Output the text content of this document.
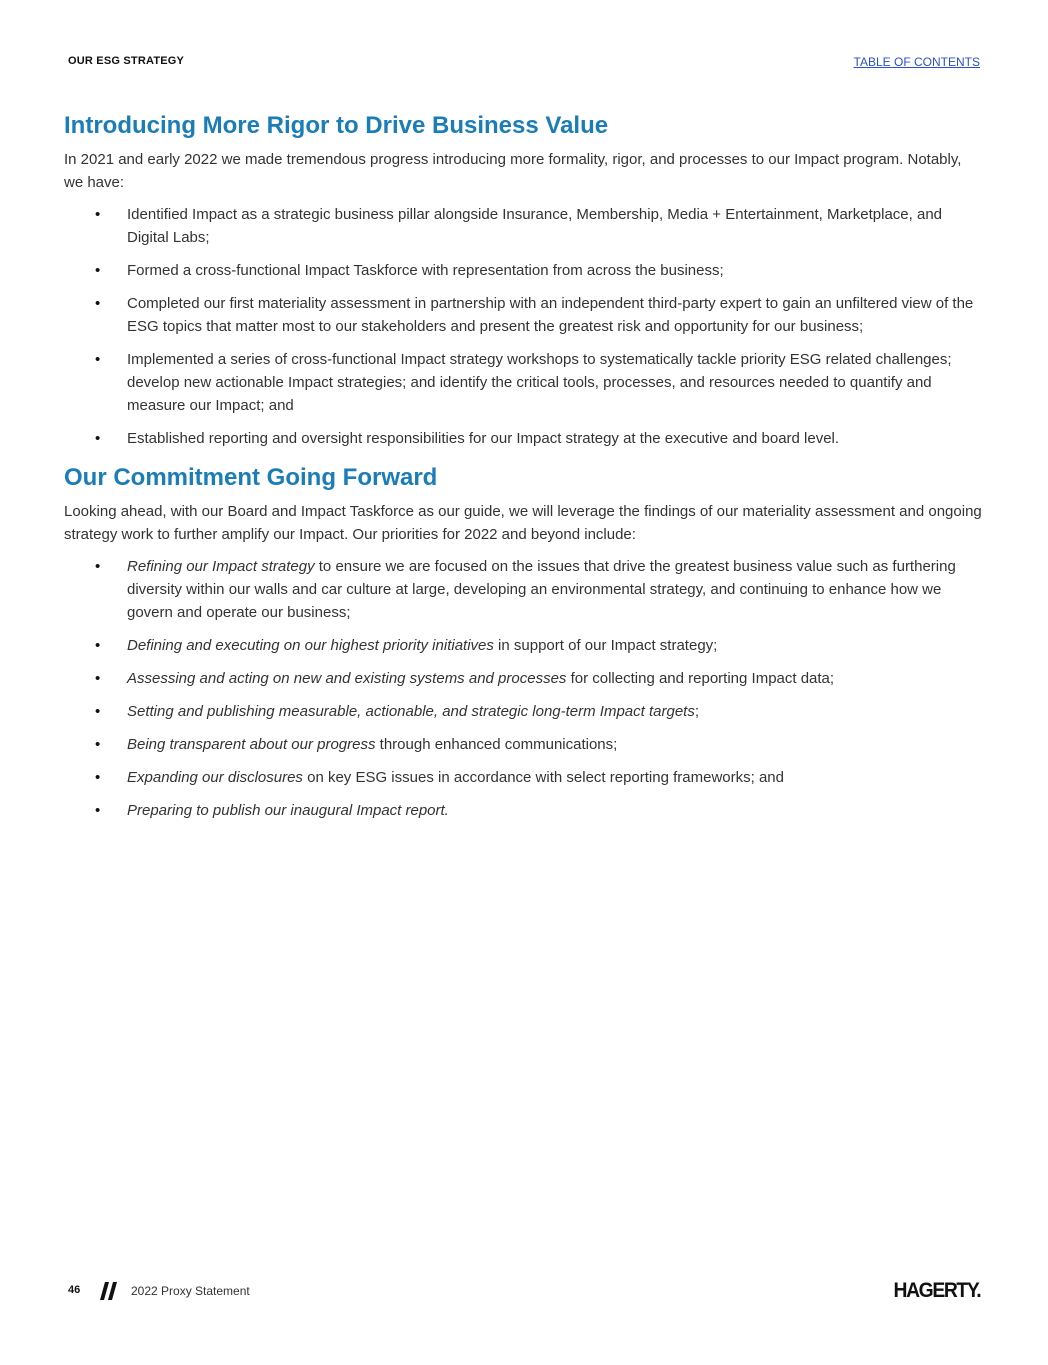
OUR ESG STRATEGY	TABLE OF CONTENTS
Introducing More Rigor to Drive Business Value

In 2021 and early 2022 we made tremendous progress introducing more formality, rigor, and processes to our Impact program. Notably, we have:

• Identified Impact as a strategic business pillar alongside Insurance, Membership, Media + Entertainment, Marketplace, and Digital Labs;
• Formed a cross-functional Impact Taskforce with representation from across the business;
• Completed our first materiality assessment in partnership with an independent third-party expert to gain an unfiltered view of the ESG topics that matter most to our stakeholders and present the greatest risk and opportunity for our business;
• Implemented a series of cross-functional Impact strategy workshops to systematically tackle priority ESG related challenges; develop new actionable Impact strategies; and identify the critical tools, processes, and resources needed to quantify and measure our Impact; and
• Established reporting and oversight responsibilities for our Impact strategy at the executive and board level.
Our Commitment Going Forward

Looking ahead, with our Board and Impact Taskforce as our guide, we will leverage the findings of our materiality assessment and ongoing strategy work to further amplify our Impact. Our priorities for 2022 and beyond include:

• Refining our Impact strategy to ensure we are focused on the issues that drive the greatest business value such as furthering diversity within our walls and car culture at large, developing an environmental strategy, and continuing to enhance how we govern and operate our business;
• Defining and executing on our highest priority initiatives in support of our Impact strategy;
• Assessing and acting on new and existing systems and processes for collecting and reporting Impact data;
• Setting and publishing measurable, actionable, and strategic long-term Impact targets;
• Being transparent about our progress through enhanced communications;
• Expanding our disclosures on key ESG issues in accordance with select reporting frameworks; and
• Preparing to publish our inaugural Impact report.
46	2022 Proxy Statement	HAGERTY.
